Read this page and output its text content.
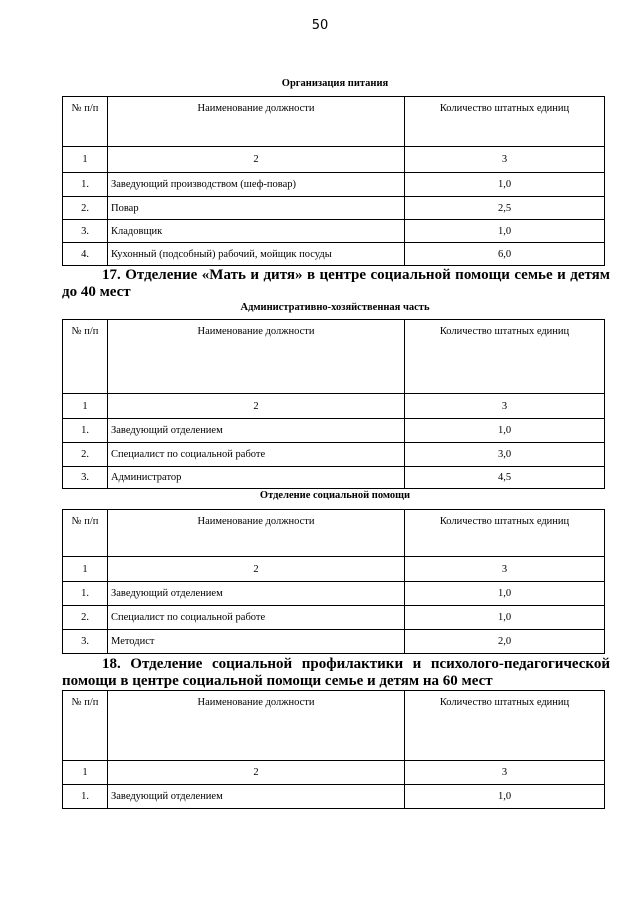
50
Организация питания
№ п/п	Наименование должности	Количество штатных единиц
1	2	3
1.	Заведующий производством (шеф-повар)	1,0
2.	Повар	2,5
3.	Кладовщик	1,0
4.	Кухонный (подсобный) рабочий, мойщик посуды	6,0
17. Отделение «Мать и дитя» в центре социальной помощи семье и детям до 40 мест
Административно-хозяйственная часть
№ п/п	Наименование должности	Количество штатных единиц
1	2	3
1.	Заведующий отделением	1,0
2.	Специалист по социальной работе	3,0
3.	Администратор	4,5
Отделение социальной помощи
№ п/п	Наименование должности	Количество штатных единиц
1	2	3
1.	Заведующий отделением	1,0
2.	Специалист по социальной работе	1,0
3.	Методист	2,0
18. Отделение социальной профилактики и психолого-педагогической помощи в центре социальной помощи семье и детям на 60 мест
№ п/п	Наименование должности	Количество штатных единиц
1	2	3
1.	Заведующий отделением	1,0
